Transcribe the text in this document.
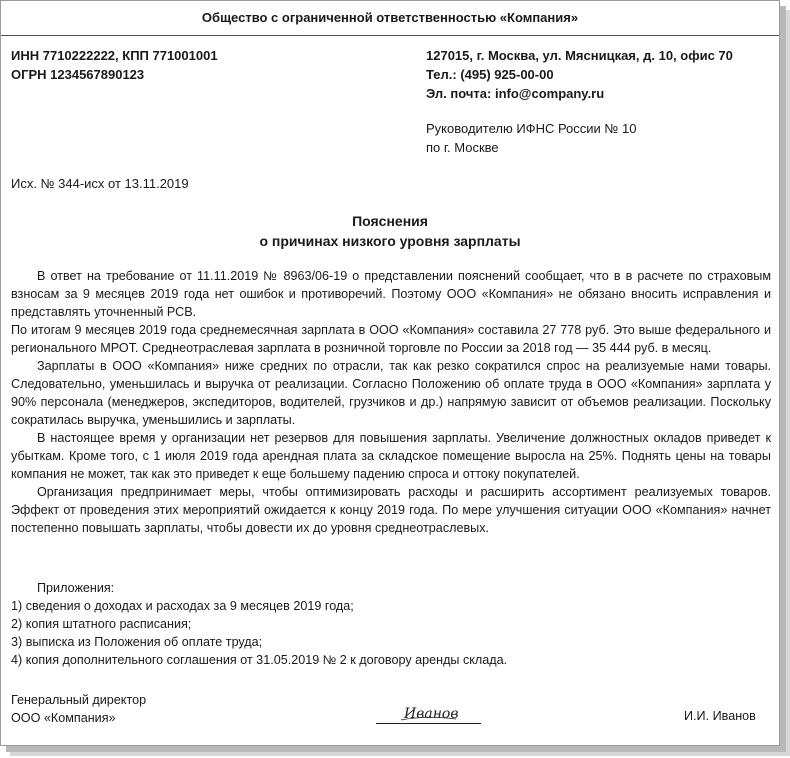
Общество с ограниченной ответственностью «Компания»
ИНН 7710222222, КПП 771001001
ОГРН 1234567890123
127015, г. Москва, ул. Мясницкая, д. 10, офис 70
Тел.: (495) 925-00-00
Эл. почта: info@company.ru
Руководителю ИФНС России № 10
по г. Москве
Исх. № 344-исх от 13.11.2019
Пояснения
о причинах низкого уровня зарплаты

В ответ на требование от 11.11.2019 № 8963/06-19 о представлении пояснений сообщает, что в в расчете по страховым взносам за 9 месяцев 2019 года нет ошибок и противоречий. Поэтому ООО «Компания» не обязано вносить исправления и представлять уточненный РСВ.

По итогам 9 месяцев 2019 года среднемесячная зарплата в ООО «Компания» составила 27 778 руб. Это выше федерального и регионального МРОТ. Среднеотраслевая зарплата в розничной торговле по России за 2018 год — 35 444 руб. в месяц.

Зарплаты в ООО «Компания» ниже средних по отрасли, так как резко сократился спрос на реализуемые нами товары. Следовательно, уменьшилась и выручка от реализации. Согласно Положению об оплате труда в ООО «Компания» зарплата у 90% персонала (менеджеров, экспедиторов, водителей, грузчиков и др.) напрямую зависит от объемов реализации. Поскольку сократилась выручка, уменьшились и зарплаты.

В настоящее время у организации нет резервов для повышения зарплаты. Увеличение должностных окладов приведет к убыткам. Кроме того, с 1 июля 2019 года арендная плата за складское помещение выросла на 25%. Поднять цены на товары компания не может, так как это приведет к еще большему падению спроса и оттоку покупателей.

Организация предпринимает меры, чтобы оптимизировать расходы и расширить ассортимент реализуемых товаров. Эффект от проведения этих мероприятий ожидается к концу 2019 года. По мере улучшения ситуации ООО «Компания» начнет постепенно повышать зарплаты, чтобы довести их до уровня среднеотраслевых.

Приложения:
1) сведения о доходах и расходах за 9 месяцев 2019 года;
2) копия штатного расписания;
3) выписка из Положения об оплате труда;
4) копия дополнительного соглашения от 31.05.2019 № 2 к договору аренды склада.
Генеральный директор
ООО «Компания»	Иванов	И.И. Иванов
